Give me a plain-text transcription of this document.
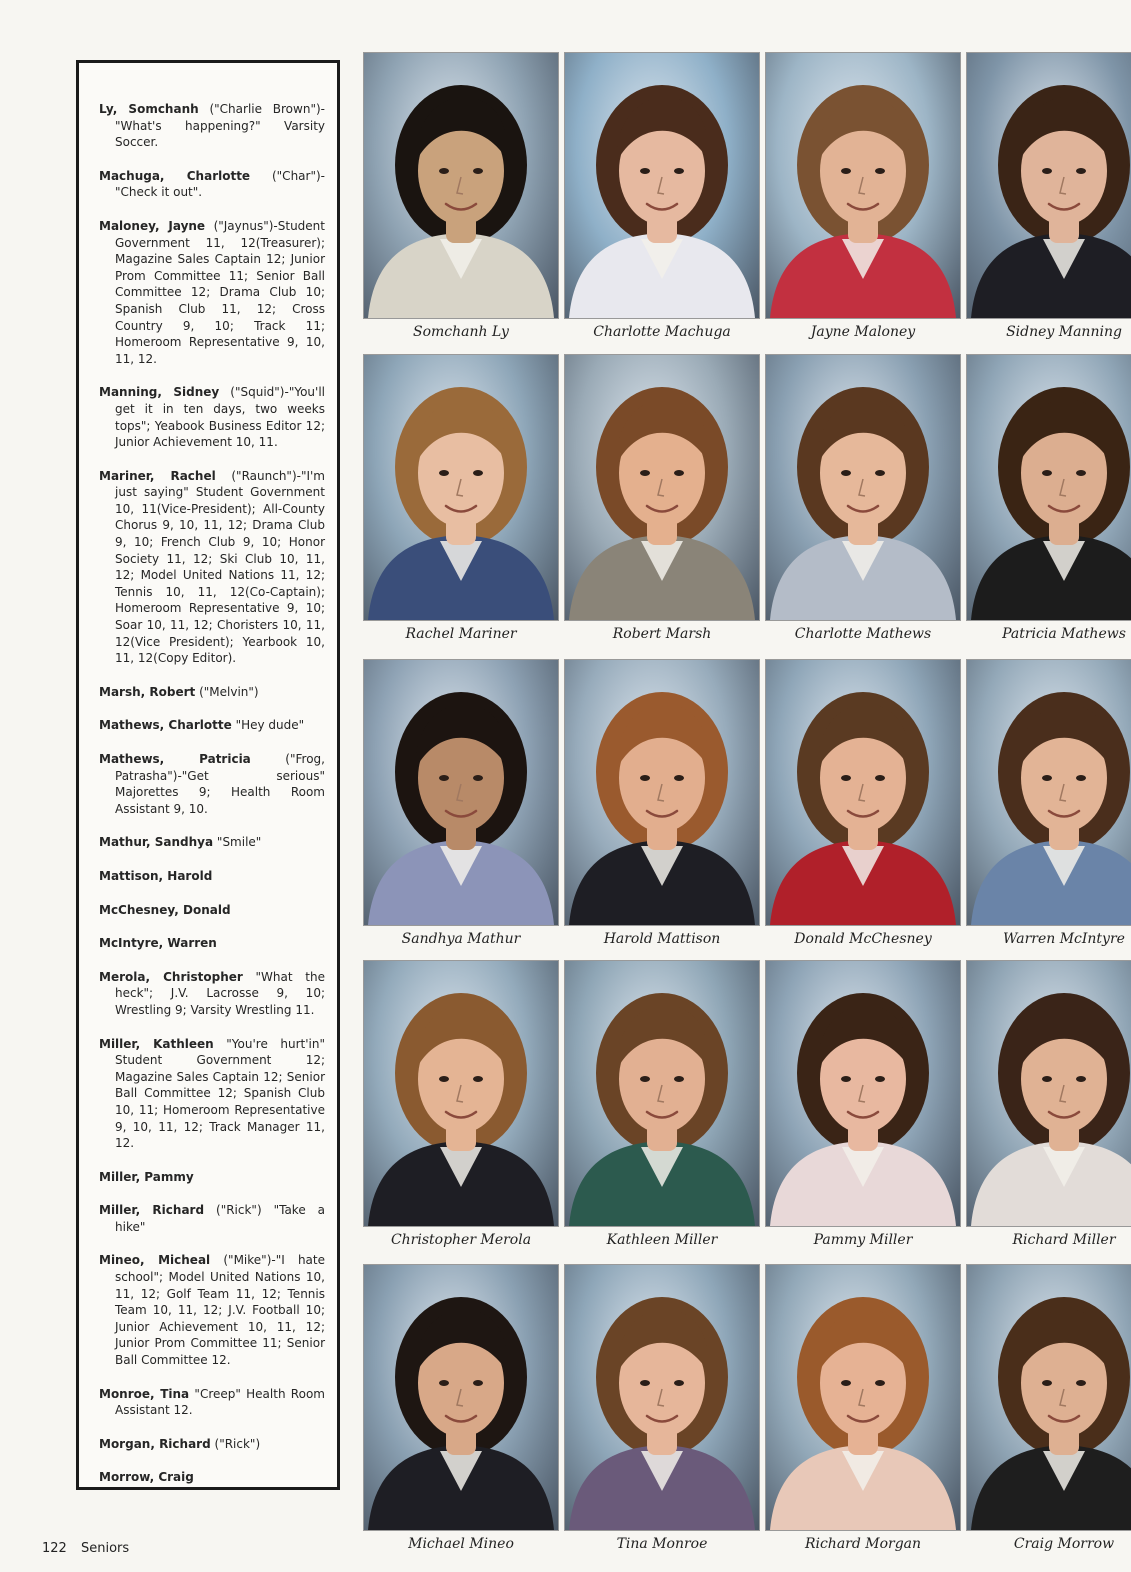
Ly, Somchanh ("Charlie Brown")-"What's happening?" Varsity Soccer.

Machuga, Charlotte ("Char")-"Check it out".

Maloney, Jayne ("Jaynus")-Student Government 11, 12(Treasurer); Magazine Sales Captain 12; Junior Prom Committee 11; Senior Ball Committee 12; Drama Club 10; Spanish Club 11, 12; Cross Country 9, 10; Track 11; Homeroom Representative 9, 10, 11, 12.

Manning, Sidney ("Squid")-"You'll get it in ten days, two weeks tops"; Yeabook Business Editor 12; Junior Achievement 10, 11.

Mariner, Rachel ("Raunch")-"I'm just saying" Student Government 10, 11(Vice-President); All-County Chorus 9, 10, 11, 12; Drama Club 9, 10; French Club 9, 10; Honor Society 11, 12; Ski Club 10, 11, 12; Model United Nations 11, 12; Tennis 10, 11, 12(Co-Captain); Homeroom Representative 9, 10; Soar 10, 11, 12; Choristers 10, 11, 12(Vice President); Yearbook 10, 11, 12(Copy Editor).

Marsh, Robert ("Melvin")

Mathews, Charlotte "Hey dude"

Mathews, Patricia	("Frog, Patrasha")-"Get serious" Majorettes 9; Health Room Assistant 9, 10.

Mathur, Sandhya "Smile"

Mattison, Harold

McChesney, Donald

McIntyre, Warren

Merola, Christopher "What the heck"; J.V. Lacrosse 9, 10; Wrestling 9; Varsity Wrestling 11.

Miller, Kathleen "You're hurt'in" Student Government 12; Magazine Sales Captain 12; Senior Ball Committee 12; Spanish Club 10, 11; Homeroom Representative 9, 10, 11, 12; Track Manager 11, 12.

Miller, Pammy

Miller, Richard ("Rick") "Take a hike"

Mineo, Micheal ("Mike")-"I hate school"; Model United Nations 10, 11, 12; Golf Team 11, 12; Tennis Team 10, 11, 12; J.V. Football 10; Junior Achievement 10, 11, 12; Junior Prom Committee 11; Senior Ball Committee 12.

Monroe, Tina "Creep" Health Room Assistant 12.

Morgan, Richard ("Rick")

Morrow, Craig

Somchanh Ly	Charlotte Machuga	Jayne Maloney	Sidney Manning
Rachel Mariner	Robert Marsh	Charlotte Mathews	Patricia Mathews
Sandhya Mathur	Harold Mattison	Donald McChesney	Warren McIntyre
Christopher Merola	Kathleen Miller	Pammy Miller	Richard Miller
Michael Mineo	Tina Monroe	Richard Morgan	Craig Morrow
122 Seniors
